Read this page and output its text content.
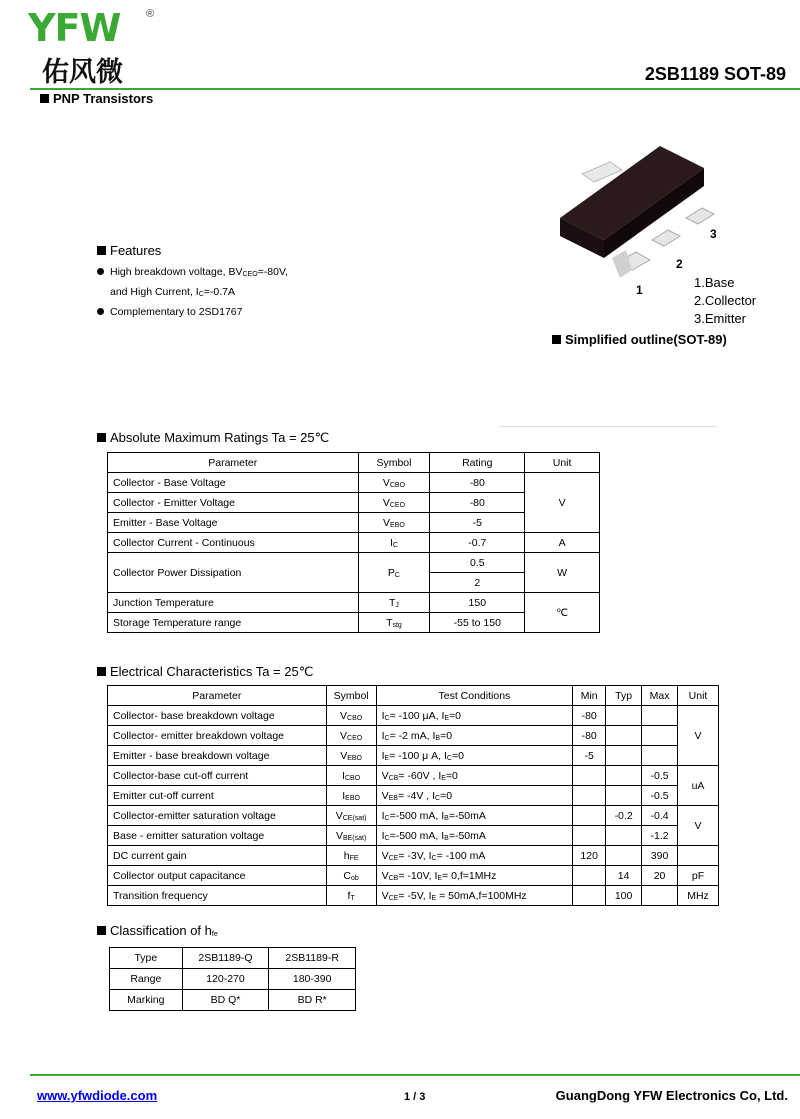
YFW ®
佑风微	2SB1189 SOT-89
PNP Transistors
1
2
3
1.Base
2.Collector
3.Emitter
Simplified outline(SOT-89)
Features
High breakdown voltage, $BV_{CEO}=-80V$,
and High Current, $I_C=-0.7A$
Complementary to 2SD1767
Absolute Maximum Ratings Ta = 25℃
Parameter	Symbol	Rating	Unit
Collector - Base Voltage	$V_{CBO}$	-80	V
Collector - Emitter Voltage	$V_{CEO}$	-80	
Emitter - Base Voltage	$V_{EBO}$	-5	
Collector Current - Continuous	$I_C$	-0.7	A
Collector Power Dissipation	$P_C$	0.5	W
		2	
Junction Temperature	$T_J$	150	℃
Storage Temperature range	$T_{stg}$	-55 to 150	
Electrical Characteristics Ta = 25℃
Parameter	Symbol	Test Conditions	Min	Typ	Max	Unit
Collector- base breakdown voltage	$V_{CBO}$	$I_C= -100$ μA, $I_E=0$	-80			V
Collector- emitter breakdown voltage	$V_{CEO}$	$I_C= -2$ mA, $I_B=0$	-80			
Emitter - base breakdown voltage	$V_{EBO}$	$I_E= -100$ μ A, $I_C=0$	-5			
Collector-base cut-off current	$I_{CBO}$	$V_{CB}= -60V$ , $I_E=0$			-0.5	uA
Emitter cut-off current	$I_{EBO}$	$V_{EB}= -4V$ , $I_C=0$			-0.5	
Collector-emitter saturation voltage	$V_{CE(sat)}$	$I_C=-500$ mA, $I_B=-50mA$		-0.2	-0.4	V
Base - emitter saturation voltage	$V_{BE(sat)}$	$I_C=-500$ mA, $I_B=-50mA$			-1.2	
DC current gain	$h_{FE}$	$V_{CE}= -3V$, $I_C= -100$ mA	120		390	
Collector output capacitance	$C_{ob}$	$V_{CB}= -10V$, $I_E= 0,f=1MHz$		14	20	pF
Transition frequency	$f_T$	$V_{CE}= -5V$, $I_E = 50mA,f=100MHz$		100		MHz
Classification of $h_{fe}$
Type	2SB1189-Q	2SB1189-R
Range	120-270	180-390
Marking	BD Q*	BD R*
www.yfwdiode.com	1 / 3	GuangDong YFW Electronics Co, Ltd.
